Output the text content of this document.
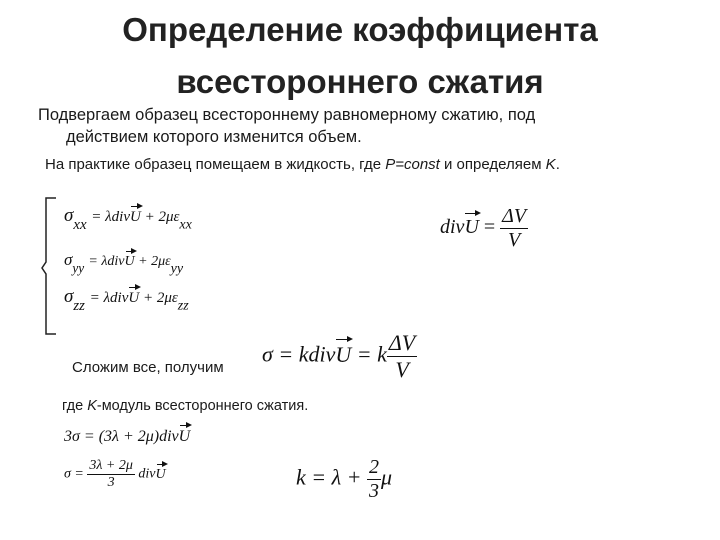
Определение коэффициента
всестороннего сжатия
Подвергаем образец всестороннему равномерному сжатию, под
действием которого изменится объем.
На практике образец помещаем в жидкость, где P=const и определяем K.
$\sigma_{xx}$ = λdivU + $2\mu\varepsilon_{xx}$
$\sigma_{yy}$ = λdivU + $2\mu\varepsilon_{yy}$
$\sigma_{zz}$ = λdivU + $2\mu\varepsilon_{zz}$
divU = $\frac{\Delta V}{V}$
Сложим все, получим
σ = kdivU = k $\frac{\Delta V}{V}$
где K-модуль всестороннего сжатия.
3σ = (3λ + 2μ)divU
$\sigma = \frac{3\lambda + 2\mu}{3}$ divU	$k = \lambda + \frac{2}{3}$ μ
